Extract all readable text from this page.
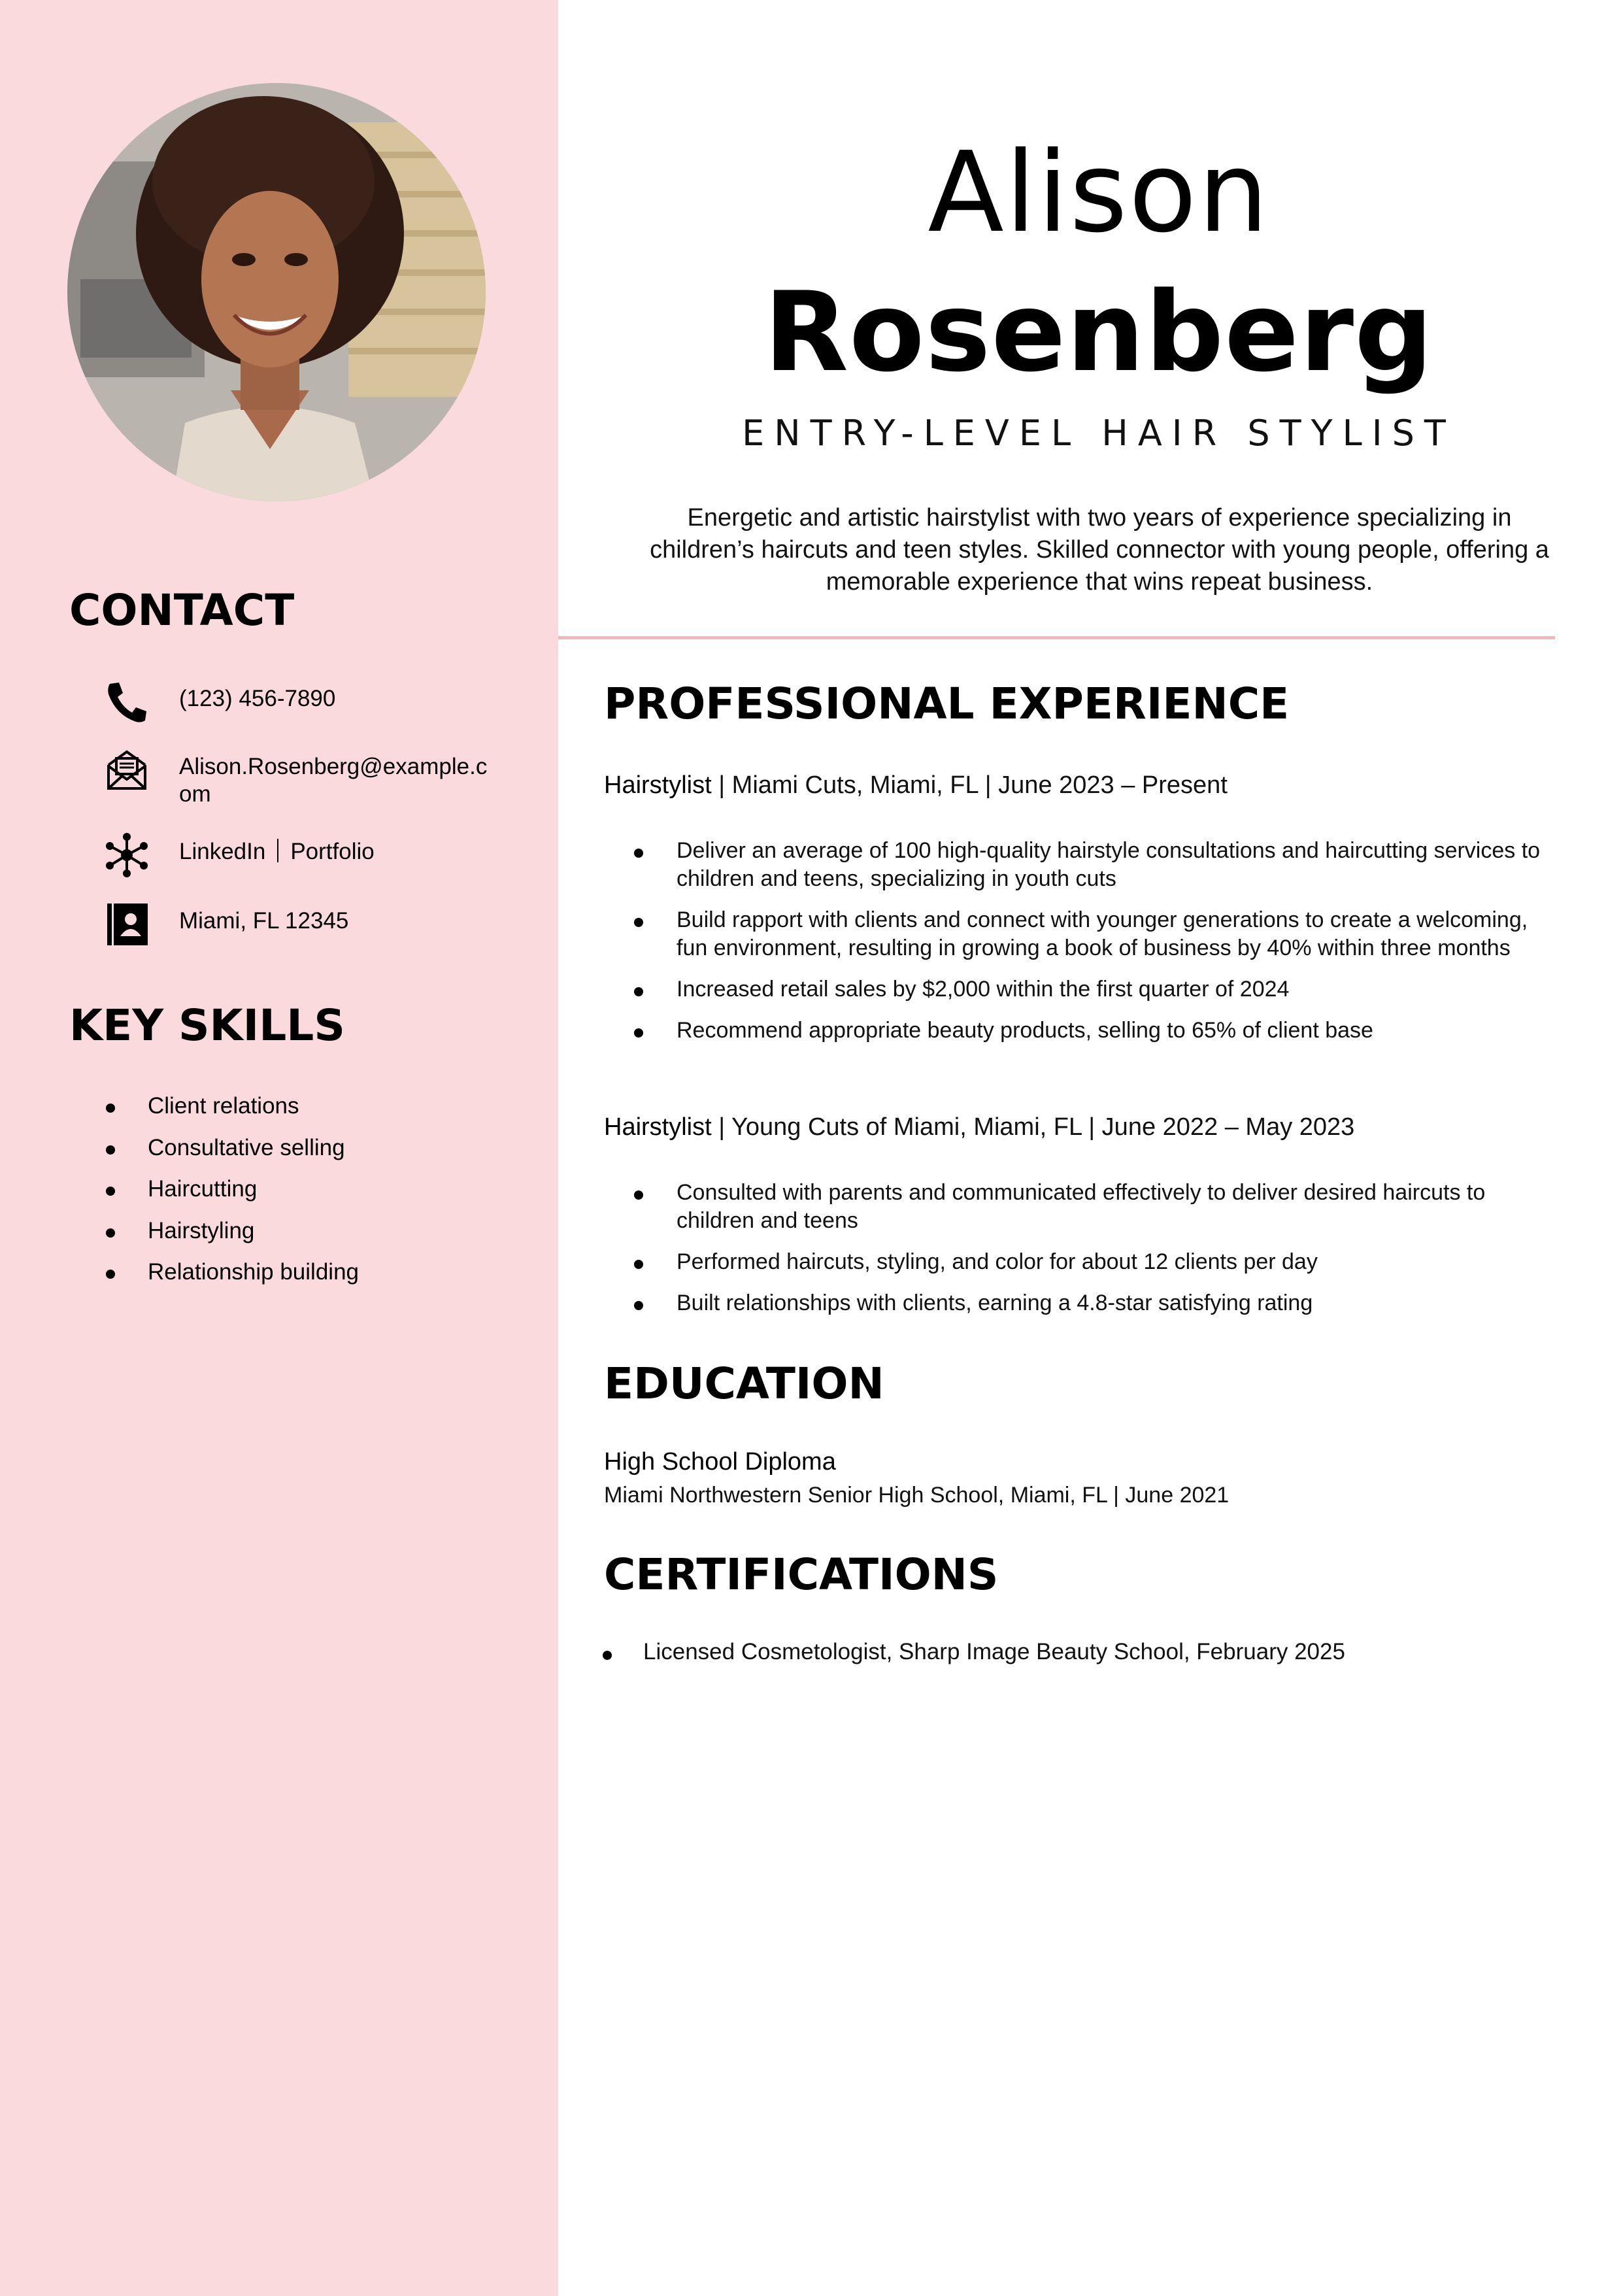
CONTACT
(123) 456-7890
Alison.Rosenberg@example.com
LinkedIn Portfolio
Miami, FL 12345
KEY SKILLS
Client relations
Consultative selling
Haircutting
Hairstyling
Relationship building
Alison
Rosenberg
ENTRY-LEVEL HAIR STYLIST
Energetic and artistic hairstylist with two years of experience specializing in children’s haircuts and teen styles. Skilled connector with young people, offering a memorable experience that wins repeat business.
PROFESSIONAL EXPERIENCE
Hairstylist | Miami Cuts, Miami, FL | June 2023 – Present
Deliver an average of 100 high-quality hairstyle consultations and haircutting services to children and teens, specializing in youth cuts
Build rapport with clients and connect with younger generations to create a welcoming, fun environment, resulting in growing a book of business by 40% within three months
Increased retail sales by $2,000 within the first quarter of 2024
Recommend appropriate beauty products, selling to 65% of client base
Hairstylist | Young Cuts of Miami, Miami, FL | June 2022 – May 2023
Consulted with parents and communicated effectively to deliver desired haircuts to children and teens
Performed haircuts, styling, and color for about 12 clients per day
Built relationships with clients, earning a 4.8-star satisfying rating
EDUCATION
High School Diploma
Miami Northwestern Senior High School, Miami, FL | June 2021
CERTIFICATIONS
Licensed Cosmetologist, Sharp Image Beauty School, February 2025
